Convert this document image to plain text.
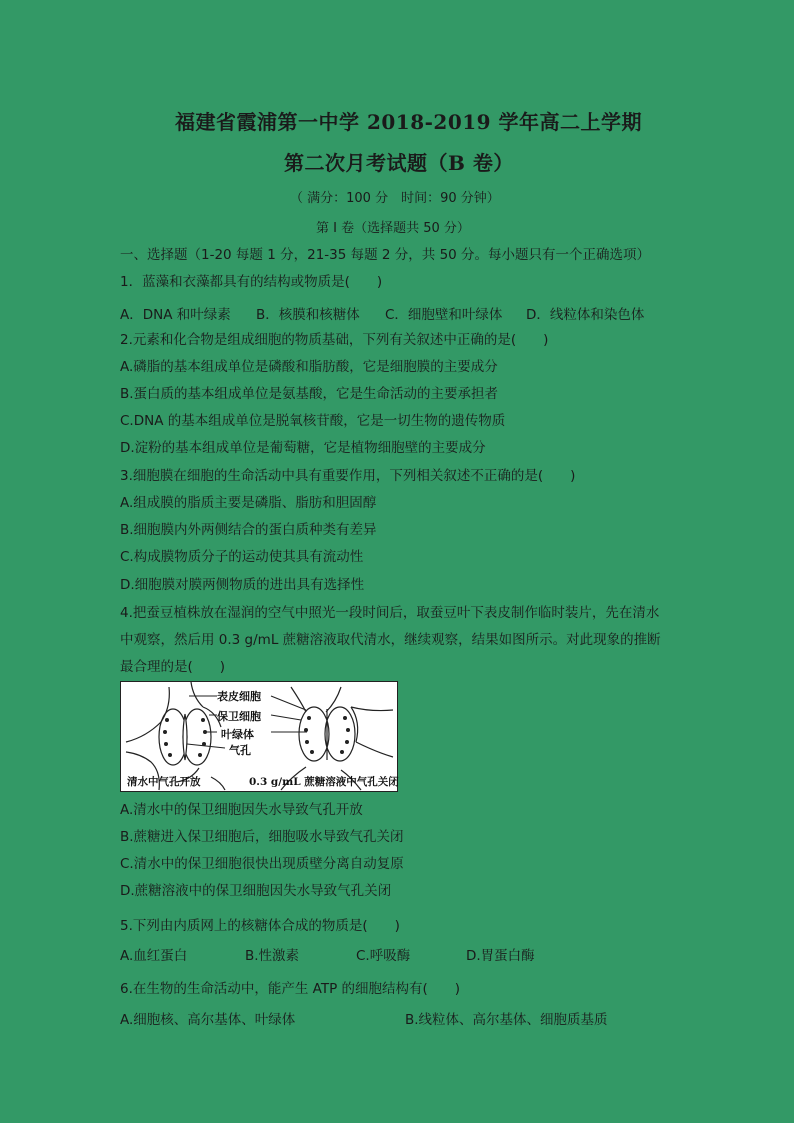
福建省霞浦第一中学 2018-2019 学年高二上学期
第二次月考试题（B 卷）
（ 满分：100 分　时间：90 分钟）
第 I 卷（选择题共 50 分）
一、选择题（1-20 每题 1 分，21-35 每题 2 分，共 50 分。每小题只有一个正确选项）
1．蓝藻和衣藻都具有的结构或物质是(　　)
A．DNA 和叶绿素 B．核膜和核糖体 C．细胞壁和叶绿体 D．线粒体和染色体
2.元素和化合物是组成细胞的物质基础，下列有关叙述中正确的是(　　)
A.磷脂的基本组成单位是磷酸和脂肪酸，它是细胞膜的主要成分
B.蛋白质的基本组成单位是氨基酸，它是生命活动的主要承担者
C.DNA 的基本组成单位是脱氧核苷酸，它是一切生物的遗传物质
D.淀粉的基本组成单位是葡萄糖，它是植物细胞壁的主要成分
3.细胞膜在细胞的生命活动中具有重要作用，下列相关叙述不正确的是(　　)
A.组成膜的脂质主要是磷脂、脂肪和胆固醇
B.细胞膜内外两侧结合的蛋白质种类有差异
C.构成膜物质分子的运动使其具有流动性
D.细胞膜对膜两侧物质的进出具有选择性
4.把蚕豆植株放在湿润的空气中照光一段时间后，取蚕豆叶下表皮制作临时装片，先在清水
中观察，然后用 0.3 g/mL 蔗糖溶液取代清水，继续观察，结果如图所示。对此现象的推断
最合理的是(　　)
表皮细胞
保卫细胞
叶绿体
气孔
清水中气孔开放	0.3 g/mL 蔗糖溶液中气孔关闭
A.清水中的保卫细胞因失水导致气孔开放
B.蔗糖进入保卫细胞后，细胞吸水导致气孔关闭
C.清水中的保卫细胞很快出现质壁分离自动复原
D.蔗糖溶液中的保卫细胞因失水导致气孔关闭
5.下列由内质网上的核糖体合成的物质是(　　)
A.血红蛋白	B.性激素	C.呼吸酶	D.胃蛋白酶
6.在生物的生命活动中，能产生 ATP 的细胞结构有(　　)
A.细胞核、高尔基体、叶绿体	B.线粒体、高尔基体、细胞质基质
